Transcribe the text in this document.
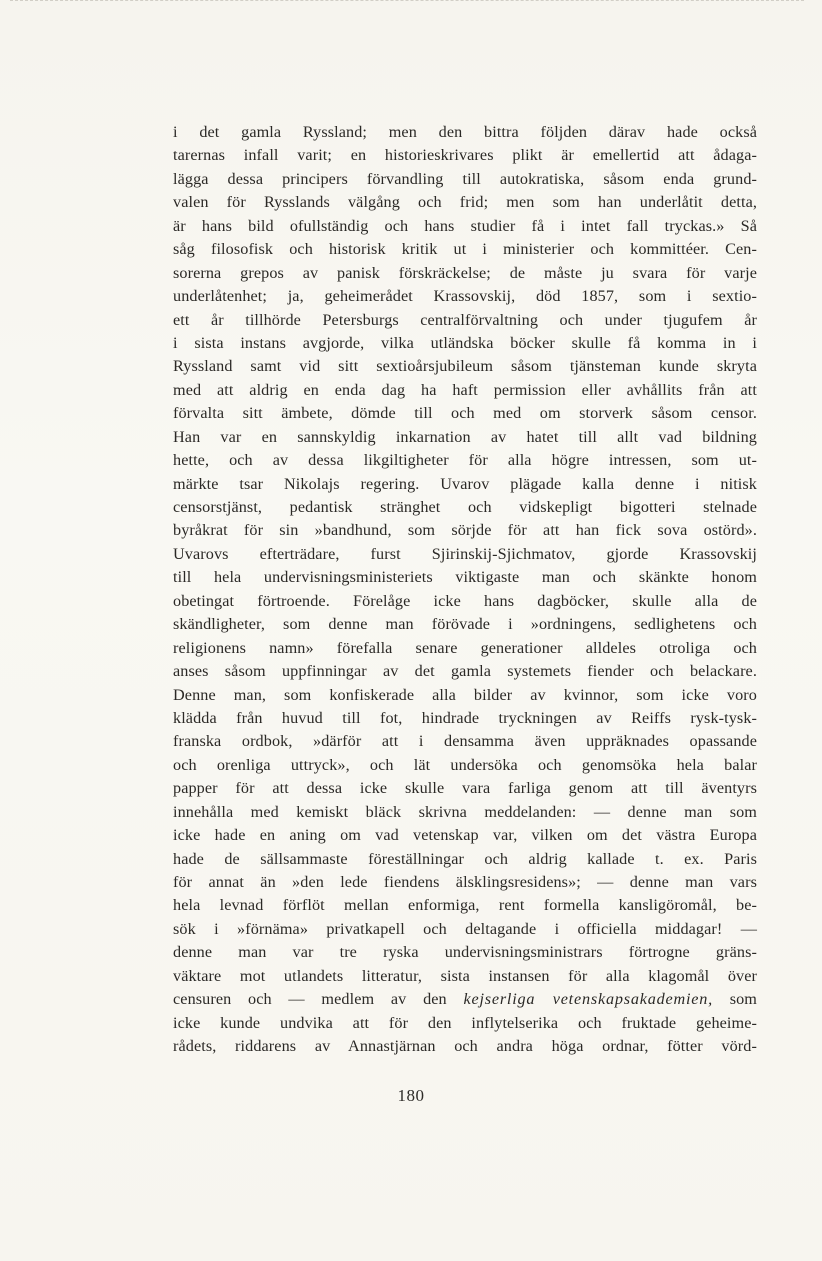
i det gamla Ryssland; men den bittra följden därav hade också
tarernas infall varit; en historieskrivares plikt är emellertid att ådaga-
lägga dessa principers förvandling till autokratiska, såsom enda grund-
valen för Rysslands välgång och frid; men som han underlåtit detta,
är hans bild ofullständig och hans studier få i intet fall tryckas.» Så
såg filosofisk och historisk kritik ut i ministerier och kommittéer. Cen-
sorerna grepos av panisk förskräckelse; de måste ju svara för varje
underlåtenhet; ja, geheimerådet Krassovskij, död 1857, som i sextio-
ett år tillhörde Petersburgs centralförvaltning och under tjugufem år
i sista instans avgjorde, vilka utländska böcker skulle få komma in i
Ryssland samt vid sitt sextioårsjubileum såsom tjänsteman kunde skryta
med att aldrig en enda dag ha haft permission eller avhållits från att
förvalta sitt ämbete, dömde till och med om storverk såsom censor.
Han var en sannskyldig inkarnation av hatet till allt vad bildning
hette, och av dessa likgiltigheter för alla högre intressen, som ut-
märkte tsar Nikolajs regering. Uvarov plägade kalla denne i nitisk
censorstjänst, pedantisk stränghet och vidskepligt bigotteri stelnade
byråkrat för sin »bandhund, som sörjde för att han fick sova ostörd».
Uvarovs efterträdare, furst Sjirinskij-Sjichmatov, gjorde Krassovskij
till hela undervisningsministeriets viktigaste man och skänkte honom
obetingat förtroende. Förelåge icke hans dagböcker, skulle alla de
skändligheter, som denne man förövade i »ordningens, sedlighetens och
religionens namn» förefalla senare generationer alldeles otroliga och
anses såsom uppfinningar av det gamla systemets fiender och belackare.
Denne man, som konfiskerade alla bilder av kvinnor, som icke voro
klädda från huvud till fot, hindrade tryckningen av Reiffs rysk-tysk-
franska ordbok, »därför att i densamma även uppräknades opassande
och orenliga uttryck», och lät undersöka och genomsöka hela balar
papper för att dessa icke skulle vara farliga genom att till äventyrs
innehålla med kemiskt bläck skrivna meddelanden: — denne man som
icke hade en aning om vad vetenskap var, vilken om det västra Europa
hade de sällsammaste föreställningar och aldrig kallade t. ex. Paris
för annat än »den lede fiendens älsklingsresidens»; — denne man vars
hela levnad förflöt mellan enformiga, rent formella kansligöromål, be-
sök i »förnäma» privatkapell och deltagande i officiella middagar! —
denne man var tre ryska undervisningsministrars förtrogne gräns-
väktare mot utlandets litteratur, sista instansen för alla klagomål över
censuren och — medlem av den kejserliga vetenskapsakademien, som
icke kunde undvika att för den inflytelserika och fruktade geheime-
rådets, riddarens av Annastjärnan och andra höga ordnar, fötter vörd-
180
